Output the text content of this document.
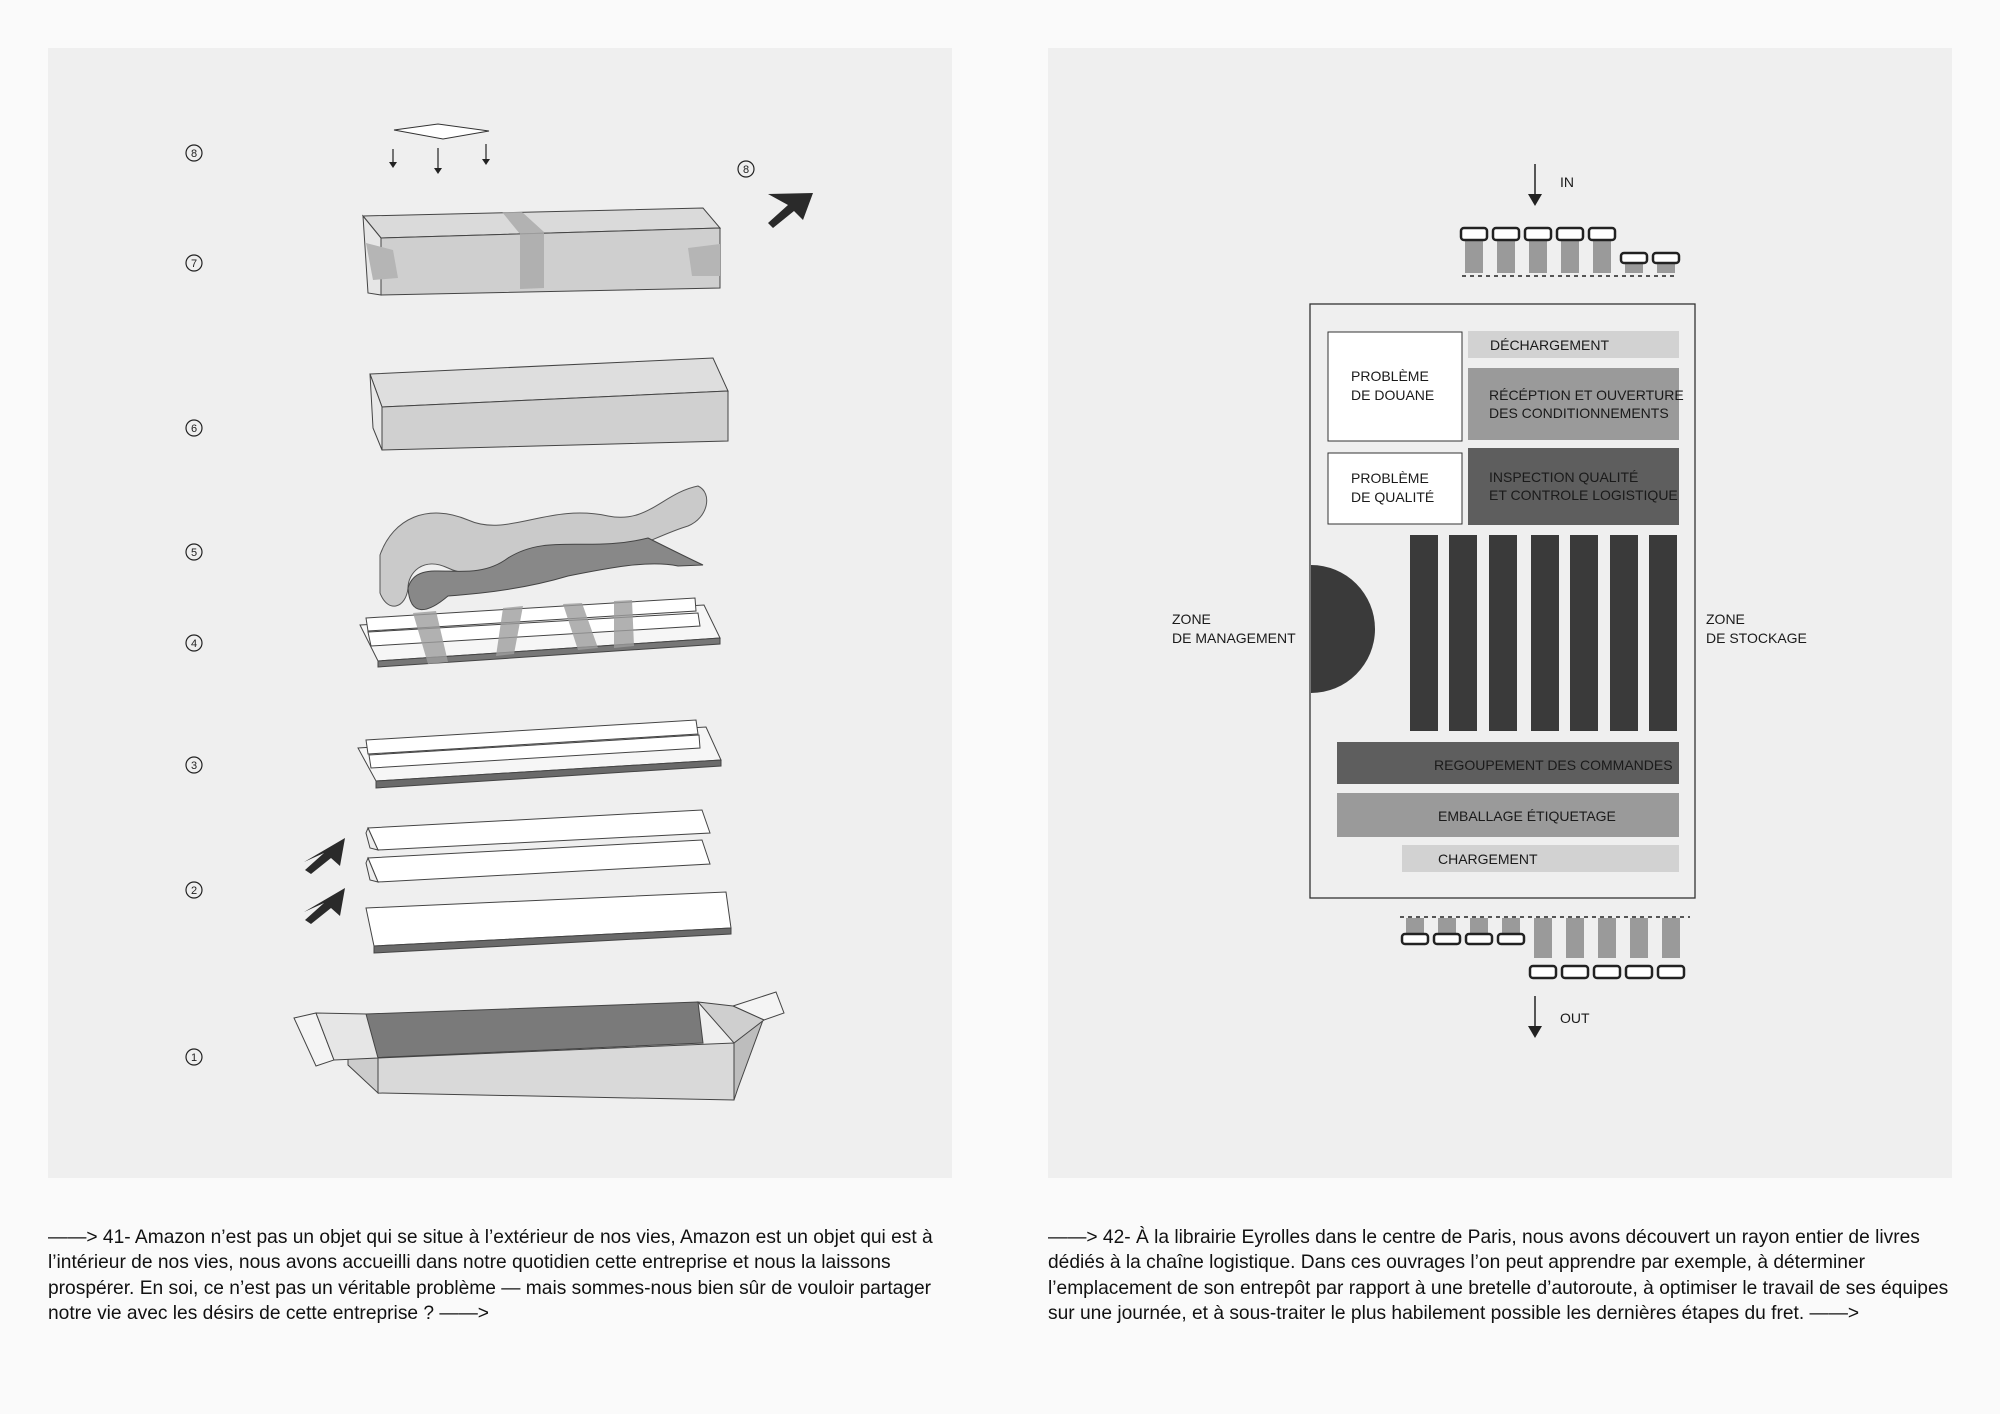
8
7
6
5
4
3
2
1
8
IN
PROBLÈME
DE DOUANE
PROBLÈME
DE QUALITÉ
DÉCHARGEMENT
RÉCÉPTION ET OUVERTURE
DES CONDITIONNEMENTS
INSPECTION QUALITÉ
ET CONTROLE LOGISTIQUE
ZONE
DE MANAGEMENT
ZONE
DE STOCKAGE
REGOUPEMENT DES COMMANDES
EMBALLAGE ÉTIQUETAGE
CHARGEMENT
OUT

——> 41- Amazon n’est pas un objet qui se situe à l’extérieur de nos vies, Amazon est un objet qui est à l’intérieur de nos vies, nous avons accueilli dans notre quotidien cette entreprise et nous la laissons prospérer. En soi, ce n’est pas un véritable problème — mais sommes-nous bien sûr de vouloir partager notre vie avec les désirs de cette entreprise ? ——>

——> 42- À la librairie Eyrolles dans le centre de Paris, nous avons découvert un rayon entier de livres dédiés à la chaîne logistique. Dans ces ouvrages l’on peut apprendre par exemple, à déterminer l’emplacement de son entrepôt par rapport à une bretelle d’autoroute, à optimiser le travail de ses équipes sur une journée, et à sous-traiter le plus habilement possible les dernières étapes du fret. ——>
